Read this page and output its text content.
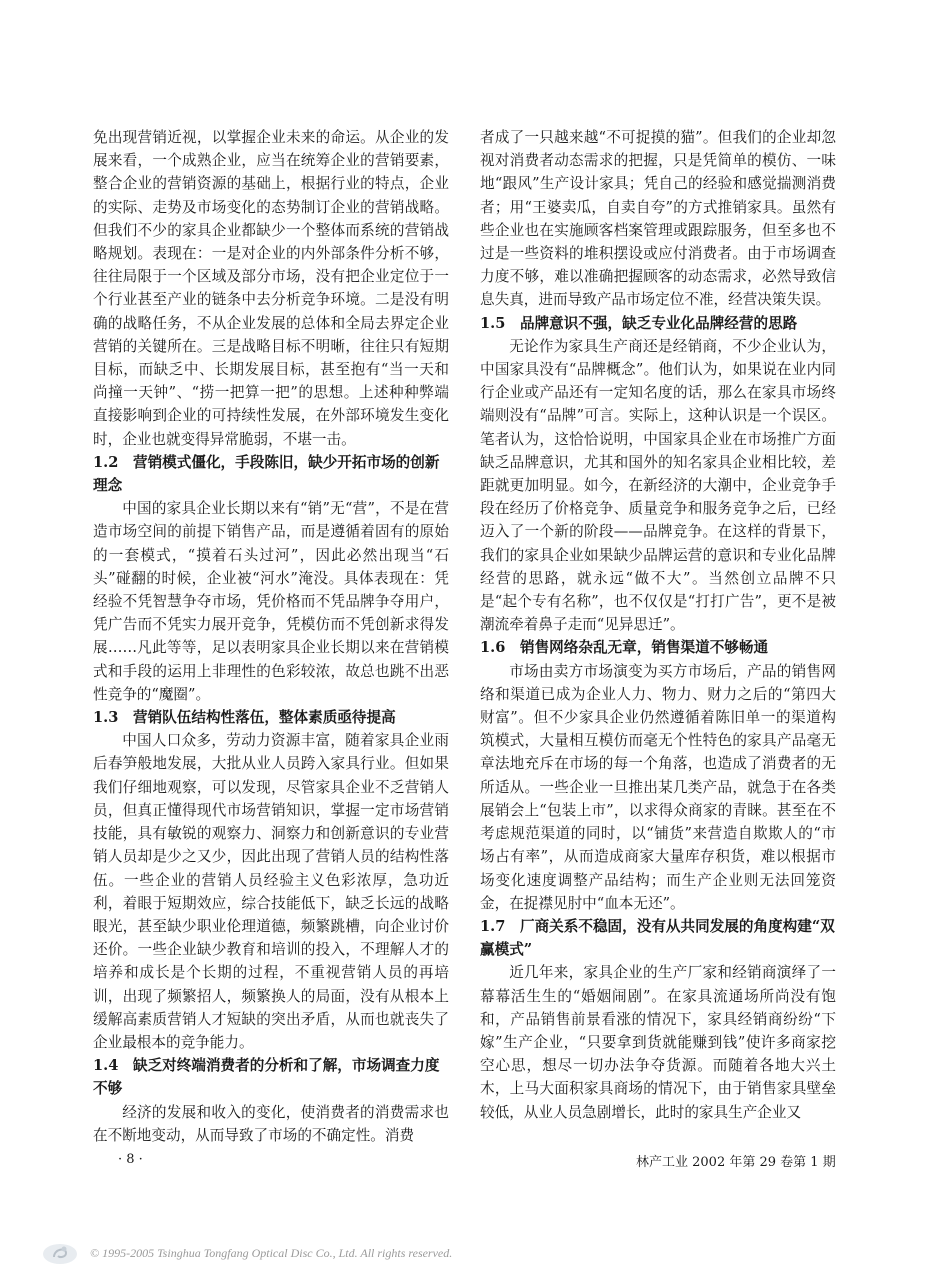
免出现营销近视，以掌握企业未来的命运。从企业的发展来看，一个成熟企业，应当在统筹企业的营销要素，整合企业的营销资源的基础上，根据行业的特点，企业的实际、走势及市场变化的态势制订企业的营销战略。但我们不少的家具企业都缺少一个整体而系统的营销战略规划。表现在：一是对企业的内外部条件分析不够，往往局限于一个区域及部分市场，没有把企业定位于一个行业甚至产业的链条中去分析竞争环境。二是没有明确的战略任务，不从企业发展的总体和全局去界定企业营销的关键所在。三是战略目标不明晰，往往只有短期目标，而缺乏中、长期发展目标，甚至抱有“当一天和尚撞一天钟”、“捞一把算一把”的思想。上述种种弊端直接影响到企业的可持续性发展，在外部环境发生变化时，企业也就变得异常脆弱，不堪一击。

1.2　营销模式僵化，手段陈旧，缺少开拓市场的创新理念

中国的家具企业长期以来有“销”无“营”，不是在营造市场空间的前提下销售产品，而是遵循着固有的原始的一套模式，“摸着石头过河”，因此必然出现当“石头”碰翻的时候，企业被“河水”淹没。具体表现在：凭经验不凭智慧争夺市场，凭价格而不凭品牌争夺用户，凭广告而不凭实力展开竞争，凭模仿而不凭创新求得发展……凡此等等，足以表明家具企业长期以来在营销模式和手段的运用上非理性的色彩较浓，故总也跳不出恶性竞争的“魔圈”。

1.3　营销队伍结构性落伍，整体素质亟待提高

中国人口众多，劳动力资源丰富，随着家具企业雨后春笋般地发展，大批从业人员跨入家具行业。但如果我们仔细地观察，可以发现，尽管家具企业不乏营销人员，但真正懂得现代市场营销知识，掌握一定市场营销技能，具有敏锐的观察力、洞察力和创新意识的专业营销人员却是少之又少，因此出现了营销人员的结构性落伍。一些企业的营销人员经验主义色彩浓厚，急功近利，着眼于短期效应，综合技能低下，缺乏长远的战略眼光，甚至缺少职业伦理道德，频繁跳槽，向企业讨价还价。一些企业缺少教育和培训的投入，不理解人才的培养和成长是个长期的过程，不重视营销人员的再培训，出现了频繁招人，频繁换人的局面，没有从根本上缓解高素质营销人才短缺的突出矛盾，从而也就丧失了企业最根本的竞争能力。

1.4　缺乏对终端消费者的分析和了解，市场调查力度不够

经济的发展和收入的变化，使消费者的消费需求也在不断地变动，从而导致了市场的不确定性。消费

者成了一只越来越“不可捉摸的猫”。但我们的企业却忽视对消费者动态需求的把握，只是凭简单的模仿、一味地“跟风”生产设计家具；凭自己的经验和感觉揣测消费者；用“王婆卖瓜，自卖自夸”的方式推销家具。虽然有些企业也在实施顾客档案管理或跟踪服务，但至多也不过是一些资料的堆积摆设或应付消费者。由于市场调查力度不够，难以准确把握顾客的动态需求，必然导致信息失真，进而导致产品市场定位不准，经营决策失误。

1.5　品牌意识不强，缺乏专业化品牌经营的思路

无论作为家具生产商还是经销商，不少企业认为，中国家具没有“品牌概念”。他们认为，如果说在业内同行企业或产品还有一定知名度的话，那么在家具市场终端则没有“品牌”可言。实际上，这种认识是一个误区。笔者认为，这恰恰说明，中国家具企业在市场推广方面缺乏品牌意识，尤其和国外的知名家具企业相比较，差距就更加明显。如今，在新经济的大潮中，企业竞争手段在经历了价格竞争、质量竞争和服务竞争之后，已经迈入了一个新的阶段——品牌竞争。在这样的背景下，我们的家具企业如果缺少品牌运营的意识和专业化品牌经营的思路，就永远“做不大”。当然创立品牌不只是“起个专有名称”，也不仅仅是“打打广告”，更不是被潮流牵着鼻子走而“见异思迁”。

1.6　销售网络杂乱无章，销售渠道不够畅通

市场由卖方市场演变为买方市场后，产品的销售网络和渠道已成为企业人力、物力、财力之后的“第四大财富”。但不少家具企业仍然遵循着陈旧单一的渠道构筑模式，大量相互模仿而毫无个性特色的家具产品毫无章法地充斥在市场的每一个角落，也造成了消费者的无所适从。一些企业一旦推出某几类产品，就急于在各类展销会上“包装上市”，以求得众商家的青睐。甚至在不考虑规范渠道的同时，以“铺货”来营造自欺欺人的“市场占有率”，从而造成商家大量库存积货，难以根据市场变化速度调整产品结构；而生产企业则无法回笼资金，在捉襟见肘中“血本无还”。

1.7　厂商关系不稳固，没有从共同发展的角度构建“双赢模式”

近几年来，家具企业的生产厂家和经销商演绎了一幕幕活生生的“婚姻闹剧”。在家具流通场所尚没有饱和，产品销售前景看涨的情况下，家具经销商纷纷“下嫁”生产企业，“只要拿到货就能赚到钱”使许多商家挖空心思，想尽一切办法争夺货源。而随着各地大兴土木，上马大面积家具商场的情况下，由于销售家具壁垒较低，从业人员急剧增长，此时的家具生产企业又

· 8 ·	林产工业 2002 年第 29 卷第 1 期
© 1995-2005 Tsinghua Tongfang Optical Disc Co., Ltd. All rights reserved.
